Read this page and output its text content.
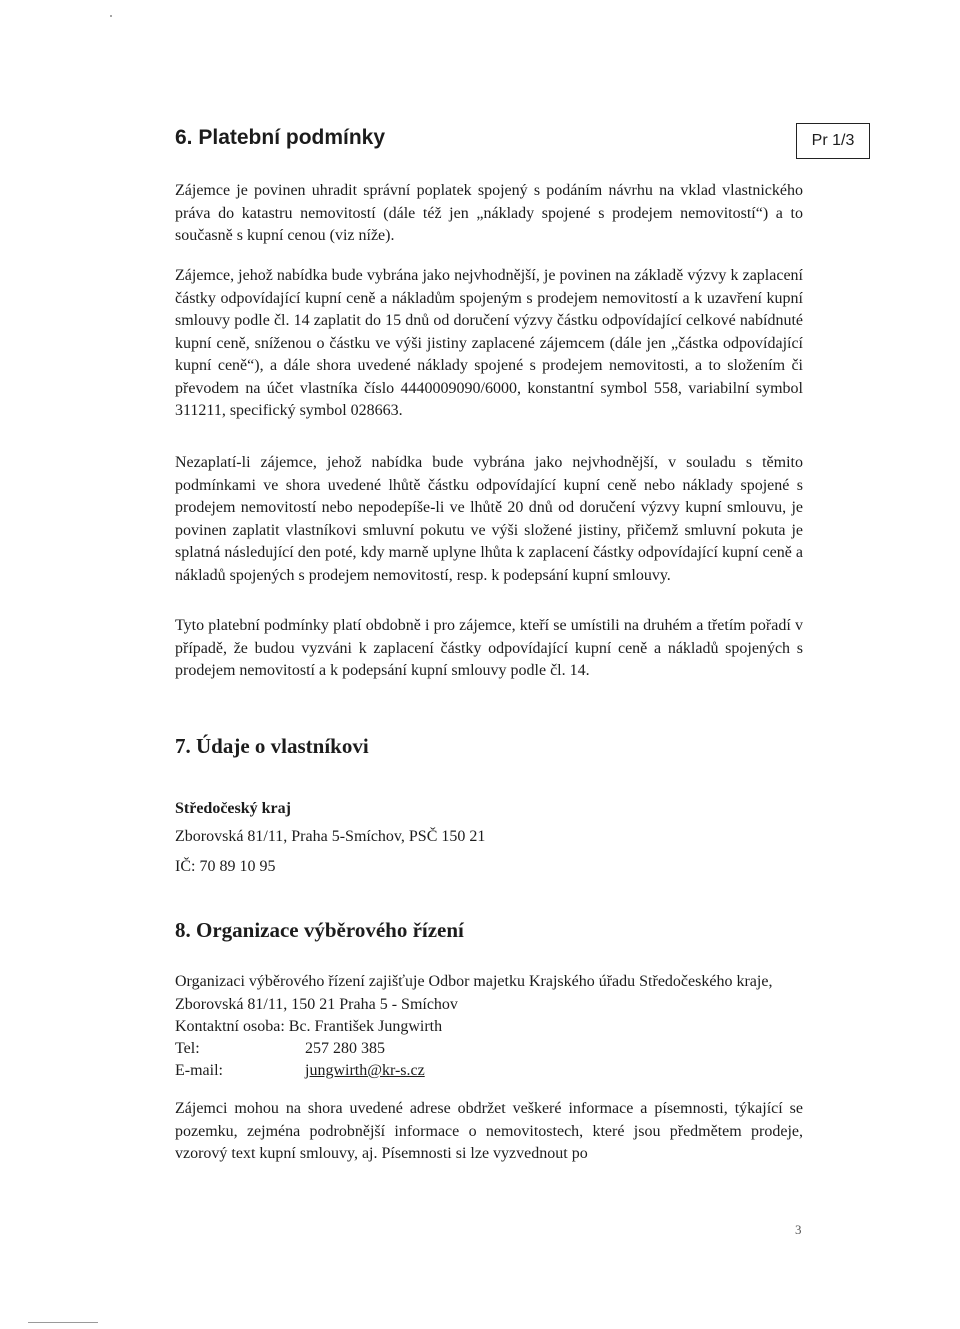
6. Platební podmínky	Pr 1/3

Zájemce je povinen uhradit správní poplatek spojený s podáním návrhu na vklad vlastnického práva do katastru nemovitostí (dále též jen „náklady spojené s prodejem nemovitostí“) a to současně s kupní cenou (viz níže).

Zájemce, jehož nabídka bude vybrána jako nejvhodnější, je povinen na základě výzvy k zaplacení částky odpovídající kupní ceně a nákladům spojeným s prodejem nemovitostí a k uzavření kupní smlouvy podle čl. 14 zaplatit do 15 dnů od doručení výzvy částku odpovídající celkové nabídnuté kupní ceně, sníženou o částku ve výši jistiny zaplacené zájemcem (dále jen „částka odpovídající kupní ceně“), a dále shora uvedené náklady spojené s prodejem nemovitosti, a to složením či převodem na účet vlastníka číslo 4440009090/6000, konstantní symbol 558, variabilní symbol 311211, specifický symbol 028663.

Nezaplatí-li zájemce, jehož nabídka bude vybrána jako nejvhodnější, v souladu s těmito podmínkami ve shora uvedené lhůtě částku odpovídající kupní ceně nebo náklady spojené s prodejem nemovitostí nebo nepodepíše-li ve lhůtě 20 dnů od doručení výzvy kupní smlouvu, je povinen zaplatit vlastníkovi smluvní pokutu ve výši složené jistiny, přičemž smluvní pokuta je splatná následující den poté, kdy marně uplyne lhůta k zaplacení částky odpovídající kupní ceně a nákladů spojených s prodejem nemovitostí, resp. k podepsání kupní smlouvy.

Tyto platební podmínky platí obdobně i pro zájemce, kteří se umístili na druhém a třetím pořadí v případě, že budou vyzváni k zaplacení částky odpovídající kupní ceně a nákladů spojených s prodejem nemovitostí a k podepsání kupní smlouvy podle čl. 14.

7. Údaje o vlastníkovi
Středočeský kraj
Zborovská 81/11, Praha 5-Smíchov, PSČ 150 21
IČ: 70 89 10 95
8. Organizace výběrového řízení

Organizaci výběrového řízení zajišťuje Odbor majetku Krajského úřadu Středočeského kraje, Zborovská 81/11, 150 21 Praha 5 - Smíchov

Kontaktní osoba: Bc. František Jungwirth
Tel:	257 280 385
E-mail:	jungwirth@kr-s.cz

Zájemci mohou na shora uvedené adrese obdržet veškeré informace a písemnosti, týkající se pozemku, zejména podrobnější informace o nemovitostech, které jsou předmětem prodeje, vzorový text kupní smlouvy, aj. Písemnosti si lze vyzvednout po

3
